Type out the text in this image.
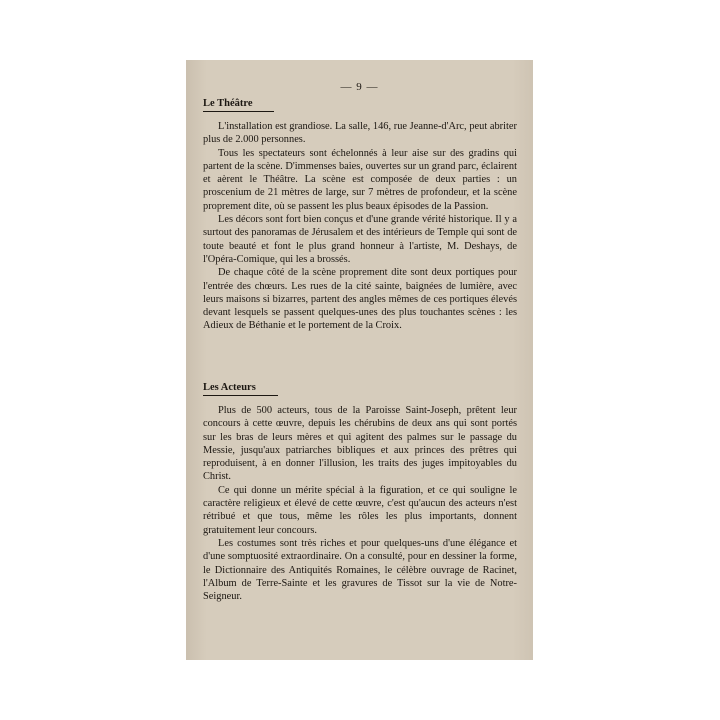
— 9 —
Le Théâtre

L'installation est grandiose. La salle, 146, rue Jeanne-d'Arc, peut abriter plus de 2.000 personnes.

Tous les spectateurs sont échelonnés à leur aise sur des gradins qui partent de la scène. D'immenses baies, ouvertes sur un grand parc, éclairent et aèrent le Théâtre. La scène est composée de deux parties : un proscenium de 21 mètres de large, sur 7 mètres de profondeur, et la scène proprement dite, où se passent les plus beaux épisodes de la Passion.

Les décors sont fort bien conçus et d'une grande vérité historique. Il y a surtout des panoramas de Jérusalem et des intérieurs de Temple qui sont de toute beauté et font le plus grand honneur à l'artiste, M. Deshays, de l'Opéra-Comique, qui les a brossés.

De chaque côté de la scène proprement dite sont deux portiques pour l'entrée des chœurs. Les rues de la cité sainte, baignées de lumière, avec leurs maisons si bizarres, partent des angles mêmes de ces portiques élevés devant lesquels se passent quelques-unes des plus touchantes scènes : les Adieux de Béthanie et le portement de la Croix.

Les Acteurs

Plus de 500 acteurs, tous de la Paroisse Saint-Joseph, prêtent leur concours à cette œuvre, depuis les chérubins de deux ans qui sont portés sur les bras de leurs mères et qui agitent des palmes sur le passage du Messie, jusqu'aux patriarches bibliques et aux princes des prêtres qui reproduisent, à en donner l'illusion, les traits des juges impitoyables du Christ.

Ce qui donne un mérite spécial à la figuration, et ce qui souligne le caractère religieux et élevé de cette œuvre, c'est qu'aucun des acteurs n'est rétribué et que tous, même les rôles les plus importants, donnent gratuitement leur concours.

Les costumes sont très riches et pour quelques-uns d'une élégance et d'une somptuosité extraordinaire. On a consulté, pour en dessiner la forme, le Dictionnaire des Antiquités Romaines, le célèbre ouvrage de Racinet, l'Album de Terre-Sainte et les gravures de Tissot sur la vie de Notre-Seigneur.
